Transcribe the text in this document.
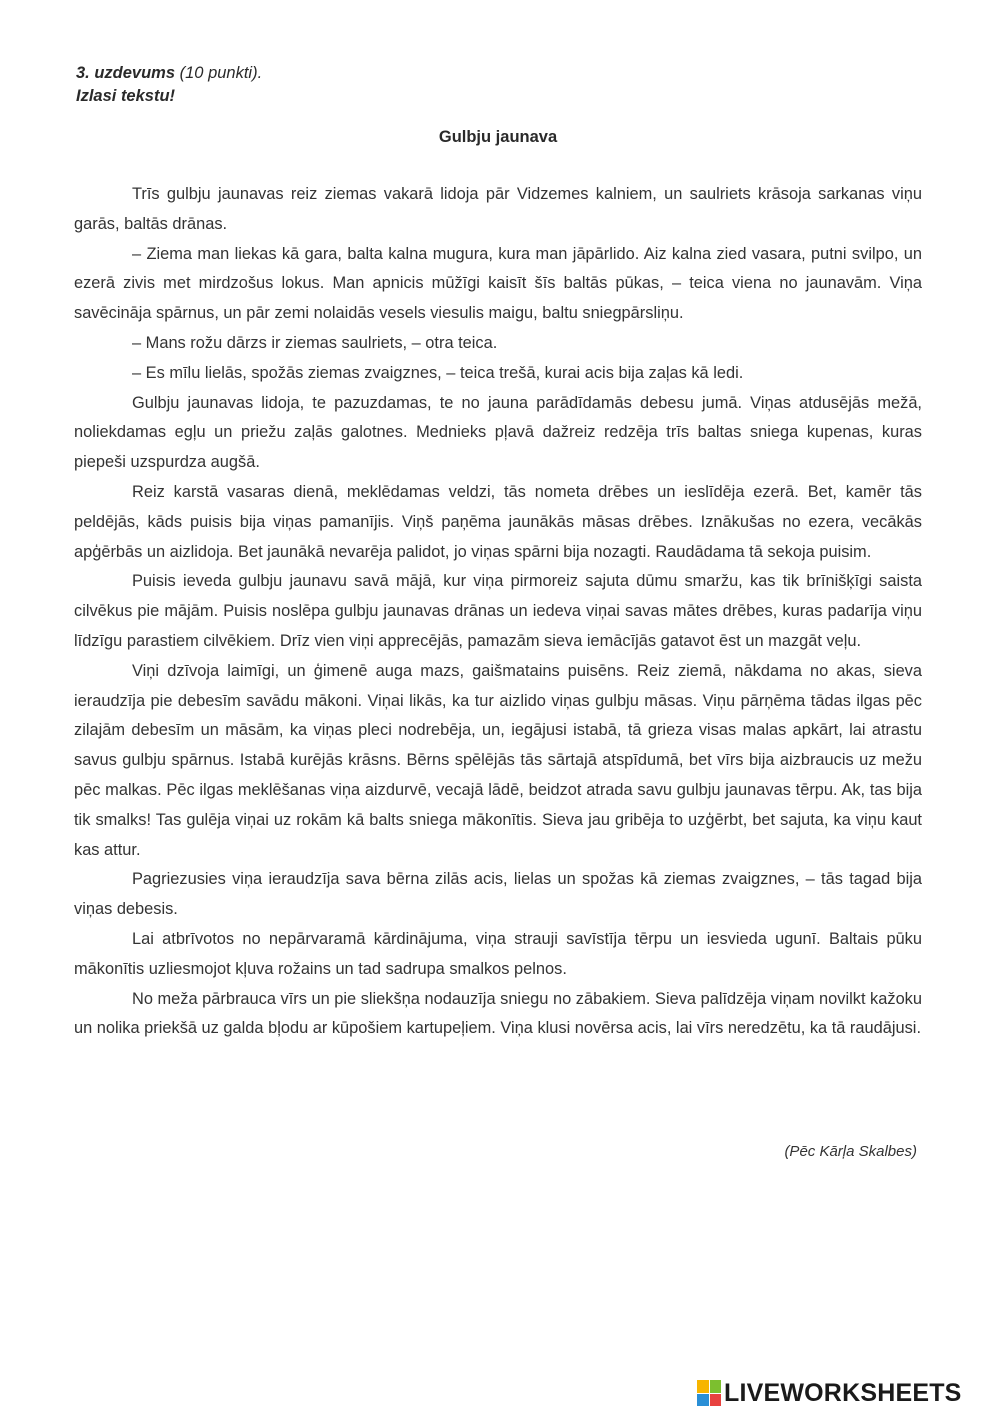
3. uzdevums (10 punkti).
Izlasi tekstu!
Gulbju jaunava

Trīs gulbju jaunavas reiz ziemas vakarā lidoja pār Vidzemes kalniem, un saulriets krāsoja sarkanas viņu garās, baltās drānas.

– Ziema man liekas kā gara, balta kalna mugura, kura man jāpārlido. Aiz kalna zied vasara, putni svilpo, un ezerā zivis met mirdzošus lokus. Man apnicis mūžīgi kaisīt šīs baltās pūkas, – teica viena no jaunavām. Viņa savēcināja spārnus, un pār zemi nolaidās vesels viesulis maigu, baltu sniegpārsliņu.

– Mans rožu dārzs ir ziemas saulriets, – otra teica.

– Es mīlu lielās, spožās ziemas zvaigznes, – teica trešā, kurai acis bija zaļas kā ledi.

Gulbju jaunavas lidoja, te pazuzdamas, te no jauna parādīdamās debesu jumā. Viņas atdusējās mežā, noliekdamas egļu un priežu zaļās galotnes. Mednieks pļavā dažreiz redzēja trīs baltas sniega kupenas, kuras piepeši uzspurdza augšā.

Reiz karstā vasaras dienā, meklēdamas veldzi, tās nometa drēbes un ieslīdēja ezerā. Bet, kamēr tās peldējās, kāds puisis bija viņas pamanījis. Viņš paņēma jaunākās māsas drēbes. Iznākušas no ezera, vecākās apģērbās un aizlidoja. Bet jaunākā nevarēja palidot, jo viņas spārni bija nozagti. Raudādama tā sekoja puisim.

Puisis ieveda gulbju jaunavu savā mājā, kur viņa pirmoreiz sajuta dūmu smaržu, kas tik brīnišķīgi saista cilvēkus pie mājām. Puisis noslēpa gulbju jaunavas drānas un iedeva viņai savas mātes drēbes, kuras padarīja viņu līdzīgu parastiem cilvēkiem. Drīz vien viņi apprecējās, pamazām sieva iemācījās gatavot ēst un mazgāt veļu.

Viņi dzīvoja laimīgi, un ģimenē auga mazs, gaišmatains puisēns. Reiz ziemā, nākdama no akas, sieva ieraudzīja pie debesīm savādu mākoni. Viņai likās, ka tur aizlido viņas gulbju māsas. Viņu pārņēma tādas ilgas pēc zilajām debesīm un māsām, ka viņas pleci nodrebēja, un, iegājusi istabā, tā grieza visas malas apkārt, lai atrastu savus gulbju spārnus. Istabā kurējās krāsns. Bērns spēlējās tās sārtajā atspīdumā, bet vīrs bija aizbraucis uz mežu pēc malkas. Pēc ilgas meklēšanas viņa aizdurvē, vecajā lādē, beidzot atrada savu gulbju jaunavas tērpu. Ak, tas bija tik smalks! Tas gulēja viņai uz rokām kā balts sniega mākonītis. Sieva jau gribēja to uzģērbt, bet sajuta, ka viņu kaut kas attur.

Pagriezusies viņa ieraudzīja sava bērna zilās acis, lielas un spožas kā ziemas zvaigznes, – tās tagad bija viņas debesis.

Lai atbrīvotos no nepārvaramā kārdinājuma, viņa strauji savīstīja tērpu un iesvieda ugunī. Baltais pūku mākonītis uzliesmojot kļuva rožains un tad sadrupa smalkos pelnos.

No meža pārbrauca vīrs un pie sliekšņa nodauzīja sniegu no zābakiem. Sieva palīdzēja viņam novilkt kažoku un nolika priekšā uz galda bļodu ar kūpošiem kartupeļiem. Viņa klusi novērsa acis, lai vīrs neredzētu, ka tā raudājusi.

(Pēc Kārļa Skalbes)
LIVEWORKSHEETS
